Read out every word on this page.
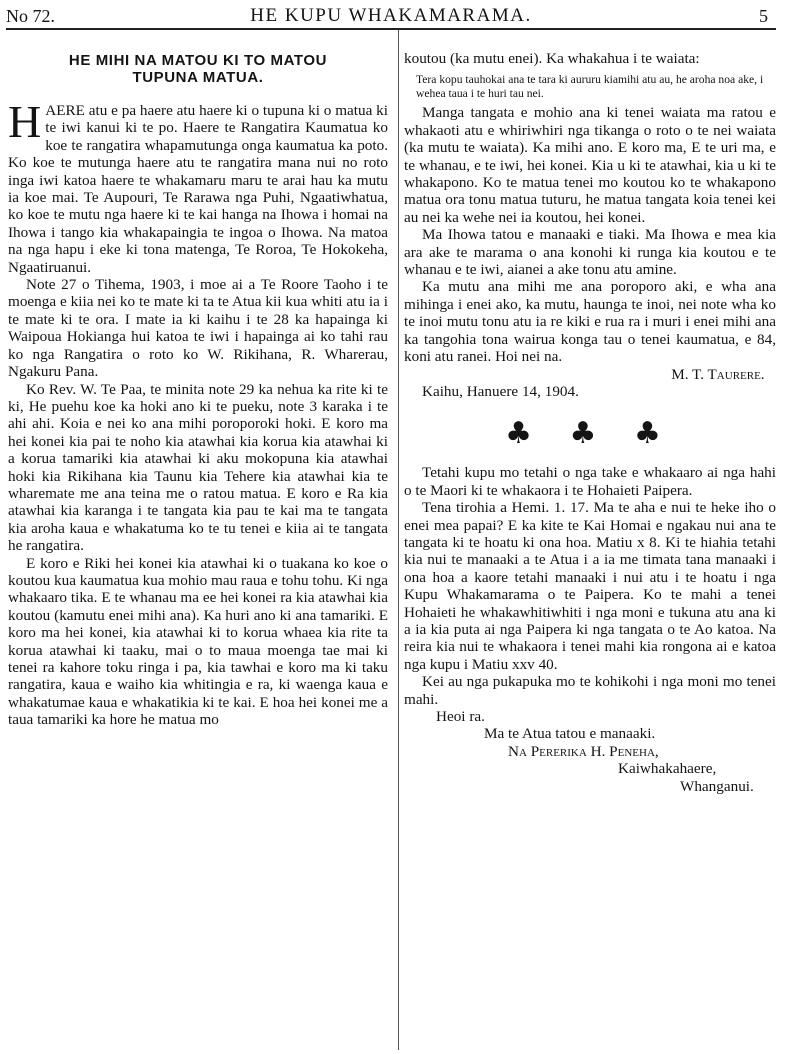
No 72.	HE KUPU WHAKAMARAMA.	5
HE MIHI NA MATOU KI TO MATOU
TUPUNA MATUA.

HAERE atu e pa haere atu haere ki o tupuna ki o matua ki te iwi kanui ki te po. Haere te Rangatira Kaumatua ko koe te rangatira whapamutunga onga kaumatua ka poto. Ko koe te mutunga haere atu te rangatira mana nui no roto inga iwi katoa haere te whakamaru maru te arai hau ka mutu ia koe mai. Te Aupouri, Te Rarawa nga Puhi, Ngaatiwhatua, ko koe te mutu nga haere ki te kai hanga na Ihowa i homai na Ihowa i tango kia whakapaingia te ingoa o Ihowa. Na matoa na nga hapu i eke ki tona matenga, Te Roroa, Te Hokokeha, Ngaatiruanui.

Note 27 o Tihema, 1903, i moe ai a Te Roore Taoho i te moenga e kiia nei ko te mate ki ta te Atua kii kua whiti atu ia i te mate ki te ora. I mate ia ki kaihu i te 28 ka hapainga ki Waipoua Hokianga hui katoa te iwi i hapainga ai ko tahi rau ko nga Rangatira o roto ko W. Rikihana, R. Wharerau, Ngakuru Pana.

Ko Rev. W. Te Paa, te minita note 29 ka nehua ka rite ki te ki, He puehu koe ka hoki ano ki te pueku, note 3 karaka i te ahi ahi. Koia e nei ko ana mihi poroporoki hoki. E koro ma hei konei kia pai te noho kia atawhai kia korua kia atawhai ki a korua tamariki kia atawhai ki aku mokopuna kia atawhai hoki kia Rikihana kia Taunu kia Tehere kia atawhai kia te wharemate me ana teina me o ratou matua. E koro e Ra kia atawhai kia karanga i te tangata kia pau te kai ma te tangata kia aroha kaua e whakatuma ko te tu tenei e kiia ai te tangata he rangatira.

E koro e Riki hei konei kia atawhai ki o tuakana ko koe o koutou kua kaumatua kua mohio mau raua e tohu tohu. Ki nga whakaaro tika. E te whanau ma ee hei konei ra kia atawhai kia koutou (kamutu enei mihi ana). Ka huri ano ki ana tamariki. E koro ma hei konei, kia atawhai ki to korua whaea kia rite ta korua atawhai ki taaku, mai o to maua moenga tae mai ki tenei ra kahore toku ringa i pa, kia tawhai e koro ma ki taku rangatira, kaua e waiho kia whitingia e ra, ki waenga kaua e whakatumae kaua e whakatikia ki te kai. E hoa hei konei me a taua tamariki ka hore he matua mo

koutou (ka mutu enei). Ka whakahua i te waiata:

Tera kopu tauhokai ana te tara ki aururu kiamihi atu au, he aroha noa ake, i wehea taua i te huri tau nei.

Manga tangata e mohio ana ki tenei waiata ma ratou e whakaoti atu e whiriwhiri nga tikanga o roto o te nei waiata (ka mutu te waiata). Ka mihi ano. E koro ma, E te uri ma, e te whanau, e te iwi, hei konei. Kia u ki te atawhai, kia u ki te whakapono. Ko te matua tenei mo koutou ko te whakapono matua ora tonu matua tuturu, he matua tangata koia tenei kei au nei ka wehe nei ia koutou, hei konei.

Ma Ihowa tatou e manaaki e tiaki. Ma Ihowa e mea kia ara ake te marama o ana konohi ki runga kia koutou e te whanau e te iwi, aianei a ake tonu atu amine.

Ka mutu ana mihi me ana poroporo aki, e wha ana mihinga i enei ako, ka mutu, haunga te inoi, nei note wha ko te inoi mutu tonu atu ia re kiki e rua ra i muri i enei mihi ana ka tangohia tona wairua konga tau o tenei kaumatua, e 84, koni atu ranei. Hoi nei na.

M. T. Taurere.

Kaihu, Hanuere 14, 1904.

♣ ♣ ♣

Tetahi kupu mo tetahi o nga take e whakaaro ai nga hahi o te Maori ki te whakaora i te Hohaieti Paipera.

Tena tirohia a Hemi. 1. 17. Ma te aha e nui te heke iho o enei mea papai? E ka kite te Kai Homai e ngakau nui ana te tangata ki te hoatu ki ona hoa. Matiu x 8. Ki te hiahia tetahi kia nui te manaaki a te Atua i a ia me timata tana manaaki i ona hoa a kaore tetahi manaaki i nui atu i te hoatu i nga Kupu Whakamarama o te Paipera. Ko te mahi a tenei Hohaieti he whakawhitiwhiti i nga moni e tukuna atu ana ki a ia kia puta ai nga Paipera ki nga tangata o te Ao katoa. Na reira kia nui te whakaora i tenei mahi kia rongona ai e katoa nga kupu i Matiu xxv 40.

Kei au nga pukapuka mo te kohikohi i nga moni mo tenei mahi.

Heoi ra.

Ma te Atua tatou e manaaki.

Na Pererika H. Peneha,

Kaiwhakahaere,

Whanganui.
